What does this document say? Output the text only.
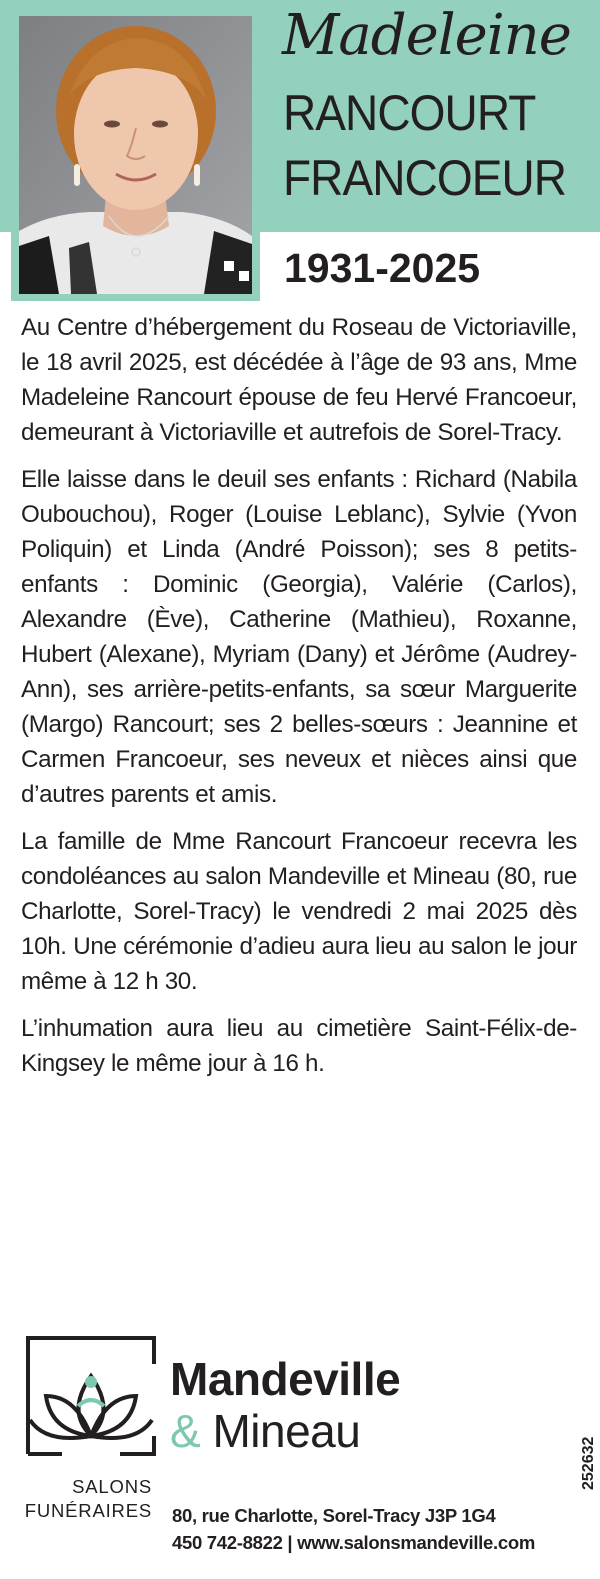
Madeleine
RANCOURT
FRANCOEUR
1931-2025

Au Centre d’hébergement du Roseau de Victoriaville, le 18 avril 2025, est décédée à l’âge de 93 ans, Mme Madeleine Rancourt épouse de feu Hervé Francoeur, demeurant à Victoriaville et autrefois de Sorel-Tracy.

Elle laisse dans le deuil ses enfants : Richard (Nabila Oubouchou), Roger (Louise Leblanc), Sylvie (Yvon Poliquin) et Linda (André Poisson); ses 8 petits-enfants : Dominic (Georgia), Valérie (Carlos), Alexandre (Ève), Catherine (Mathieu), Roxanne, Hubert (Alexane), Myriam (Dany) et Jérôme (Audrey-Ann), ses arrière-petits-enfants, sa sœur Marguerite (Margo) Rancourt; ses 2 belles-sœurs : Jeannine et Carmen Francoeur, ses neveux et nièces ainsi que d’autres parents et amis.

La famille de Mme Rancourt Francoeur recevra les condoléances au salon Mandeville et Mineau (80, rue Charlotte, Sorel-Tracy) le vendredi 2 mai 2025 dès 10h. Une cérémonie d’adieu aura lieu au salon le jour même à 12 h 30.

L’inhumation aura lieu au cimetière Saint-Félix-de-Kingsey le même jour à 16 h.

Mandeville
& Mineau
SALONS
FUNÉRAIRES 80, rue Charlotte, Sorel-Tracy J3P 1G4
450 742-8822 | www.salonsmandeville.com
252632
